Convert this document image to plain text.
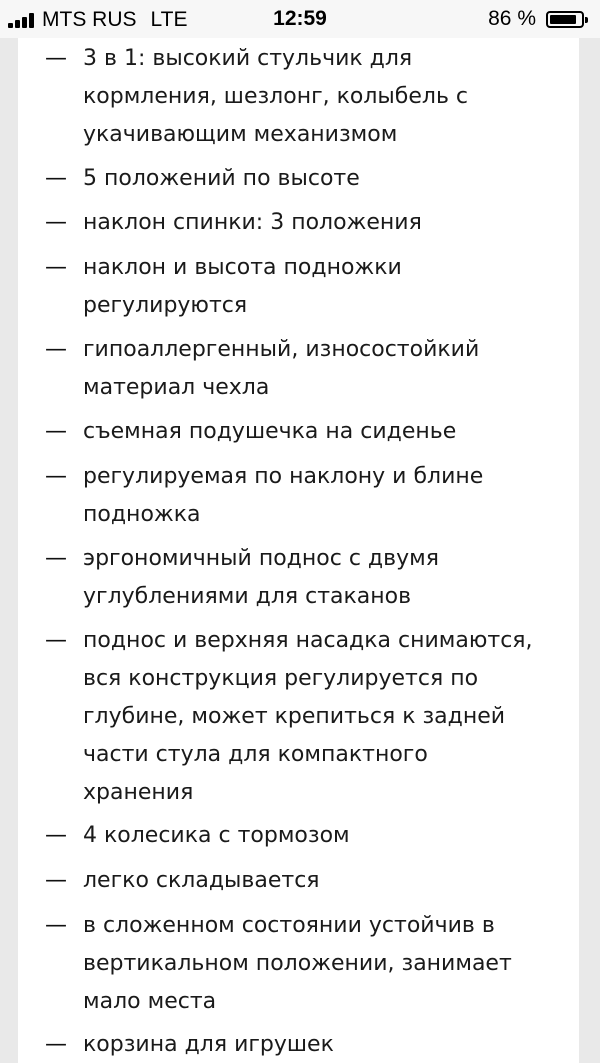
MTS RUS LTE	12:59	86 %
— 3 в 1: высокий стульчик для
кормления, шезлонг, колыбель с
укачивающим механизмом
— 5 положений по высоте
— наклон спинки: 3 положения
— наклон и высота подножки
регулируются
— гипоаллергенный, износостойкий
материал чехла
— съемная подушечка на сиденье
— регулируемая по наклону и блине
подножка
— эргономичный поднос с двумя
углублениями для стаканов
— поднос и верхняя насадка снимаются,
вся конструкция регулируется по
глубине, может крепиться к задней
части стула для компактного
хранения
— 4 колесика с тормозом
— легко складывается
— в сложенном состоянии устойчив в
вертикальном положении, занимает
мало места
— корзина для игрушек
